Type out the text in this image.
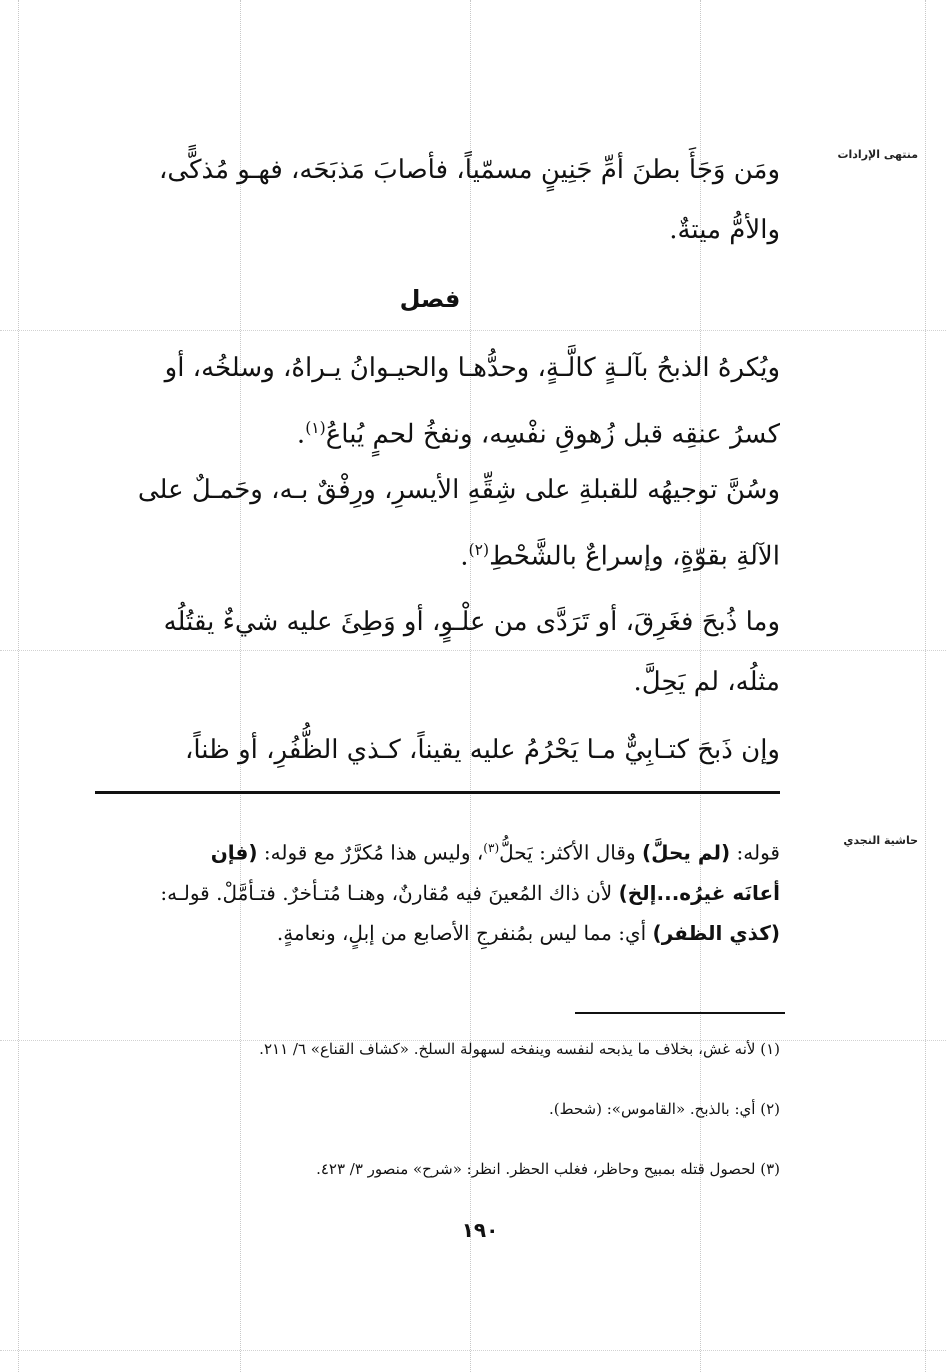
منتهى الإرادات
حاشية النجدي
ومَن وَجَأَ بطنَ أمِّ جَنِينٍ مسمّياً، فأصابَ مَذبَحَه، فهـو مُذكًّى،
والأمُّ ميتةٌ.
فصل
ويُكرهُ الذبحُ بآلـةٍ كالَّـةٍ، وحدُّهـا والحيـوانُ يـراهُ، وسلخُه، أو
كسرُ عنقِه قبل زُهوقِ نفْسِه، ونفخُ لحمٍ يُباعُ$^{(١)}$.
وسُنَّ توجيهُه للقبلةِ على شِقِّهِ الأيسرِ، ورِفْقٌ بـه، وحَمـلٌ على
الآلةِ بقوّةٍ، وإسراعٌ بالشَّحْطِ$^{(٢)}$.
وما ذُبحَ فغَرِقَ، أو تَرَدَّى من علْـوٍ، أو وَطِئَ عليه شيءٌ يقتُلُه
مثلُه، لم يَحِلَّ.
وإن ذَبحَ كتـابِيٌّ مـا يَحْرُمُ عليه يقيناً، كـذي الظُّفُرِ، أو ظناً،
قوله: (لم يحلَّ) وقال الأكثر: يَحلُّ$^{(٣)}$، وليس هذا مُكرَّرٌ مع قوله: (فإن
أعانَه غيرُه...إلخ) لأن ذاك المُعينَ فيه مُقارنٌ، وهنـا مُتـأخرٌ. فتـأمَّلْ. قولـه:
(كذي الظفر) أي: مما ليس بمُنفرجِ الأصابع من إبلٍ، ونعامةٍ.
(١) لأنه غش، بخلاف ما يذبحه لنفسه وينفخه لسهولة السلخ. «كشاف القناع» ٦/ ٢١١.
(٢) أي: بالذبح. «القاموس»: (شحط).
(٣) لحصول قتله بمبيح وحاظر، فغلب الحظر. انظر: «شرح» منصور ٣/ ٤٢٣.
١٩٠
